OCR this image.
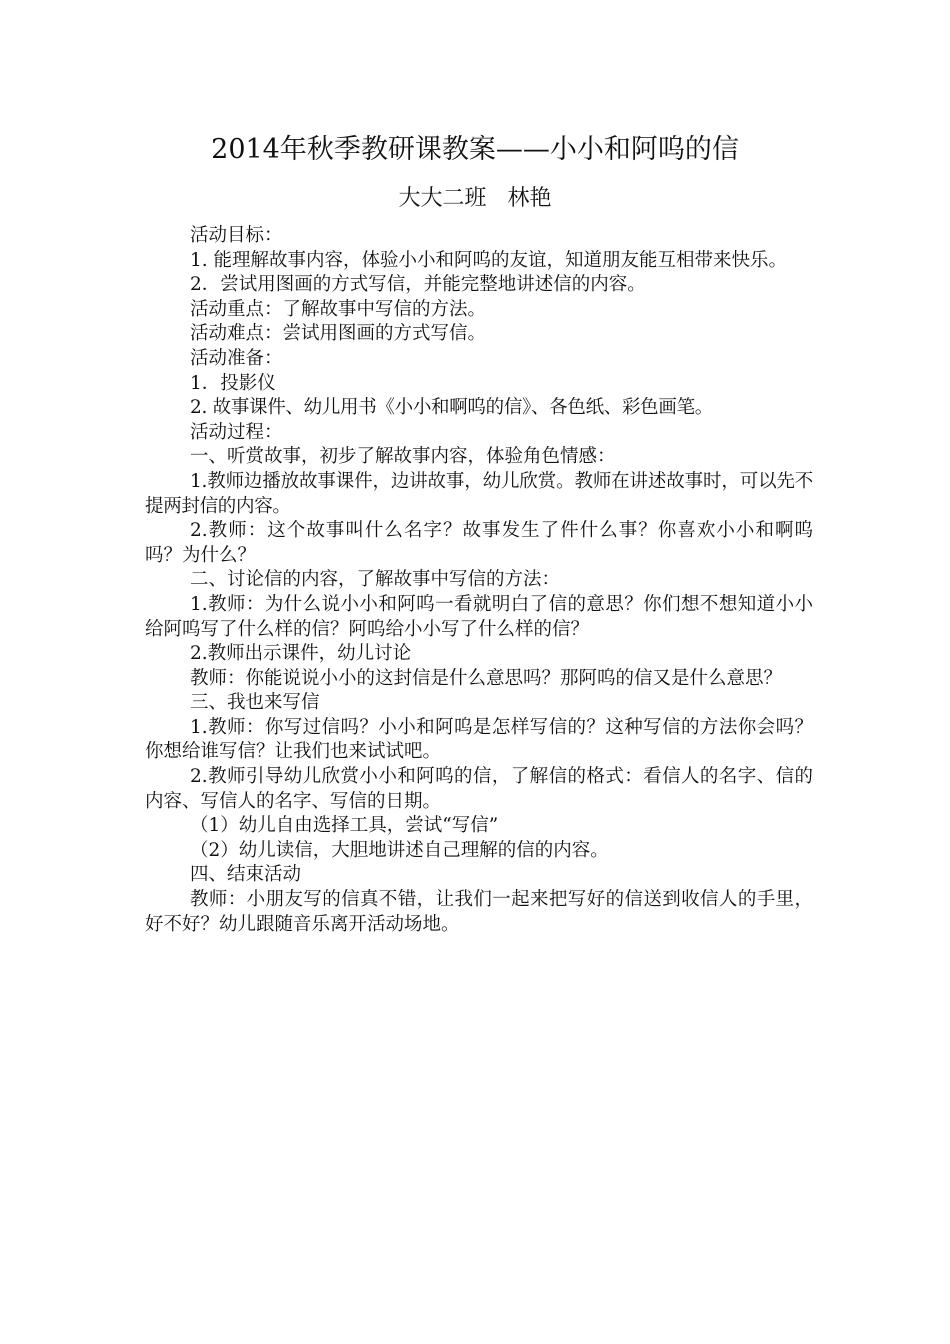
2014年秋季教研课教案——小小和阿呜的信
大大二班   林艳

活动目标：

1. 能理解故事内容，体验小小和阿呜的友谊，知道朋友能互相带来快乐。

2．尝试用图画的方式写信，并能完整地讲述信的内容。

活动重点：了解故事中写信的方法。

活动难点：尝试用图画的方式写信。

活动准备：

1．投影仪

2. 故事课件、幼儿用书《小小和啊呜的信》、各色纸、彩色画笔。

活动过程：

一、听赏故事，初步了解故事内容，体验角色情感：

1.教师边播放故事课件，边讲故事，幼儿欣赏。教师在讲述故事时，可以先不提两封信的内容。

2.教师：这个故事叫什么名字？故事发生了件什么事？你喜欢小小和啊呜吗？为什么？

二、讨论信的内容，了解故事中写信的方法：

1.教师：为什么说小小和阿呜一看就明白了信的意思？你们想不想知道小小给阿呜写了什么样的信？阿呜给小小写了什么样的信？

2.教师出示课件，幼儿讨论

教师：你能说说小小的这封信是什么意思吗？那阿呜的信又是什么意思？

三、我也来写信

1.教师：你写过信吗？小小和阿呜是怎样写信的？这种写信的方法你会吗？你想给谁写信？让我们也来试试吧。

2.教师引导幼儿欣赏小小和阿呜的信，了解信的格式：看信人的名字、信的内容、写信人的名字、写信的日期。

（1）幼儿自由选择工具，尝试“写信”

（2）幼儿读信，大胆地讲述自己理解的信的内容。

四、结束活动

教师：小朋友写的信真不错，让我们一起来把写好的信送到收信人的手里，好不好？幼儿跟随音乐离开活动场地。
